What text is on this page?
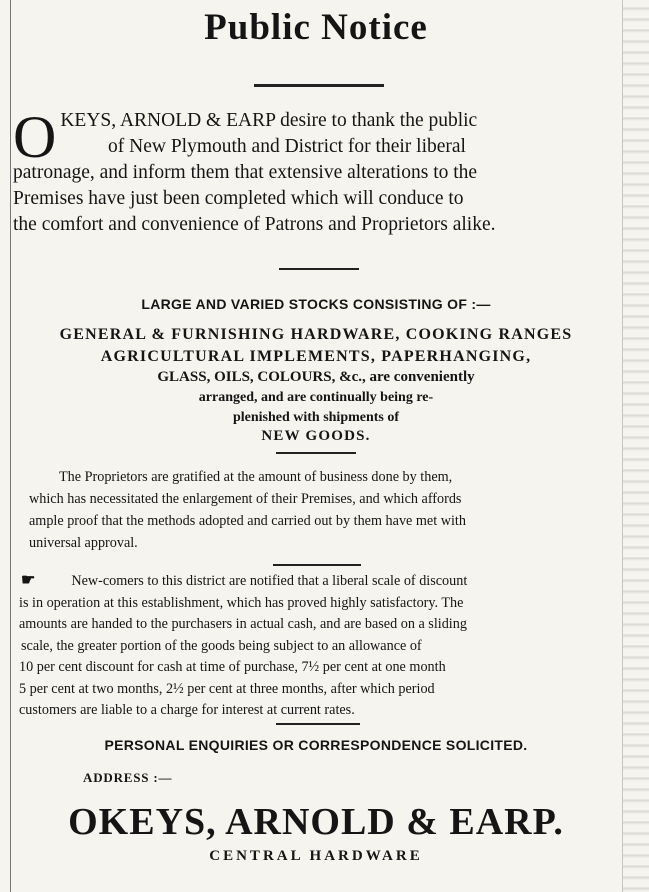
Public Notice
O KEYS, ARNOLD & EARP desire to thank the public
of New Plymouth and District for their liberal
patronage, and inform them that extensive alterations to the
Premises have just been completed which will conduce to
the comfort and convenience of Patrons and Proprietors alike.
LARGE AND VARIED STOCKS CONSISTING OF :—
GENERAL & FURNISHING HARDWARE, COOKING RANGES
AGRICULTURAL IMPLEMENTS, PAPERHANGING,
GLASS, OILS, COLOURS, &c., are conveniently
arranged, and are continually being re-
plenished with shipments of
NEW GOODS.

The Proprietors are gratified at the amount of business done by them,

which has necessitated the enlargement of their Premises, and which affords

ample proof that the methods adopted and carried out by them have met with

universal approval.

☛	New-comers to this district are notified that a liberal scale of discount

is in operation at this establishment, which has proved highly satisfactory. The

amounts are handed to the purchasers in actual cash, and are based on a sliding

scale, the greater portion of the goods being subject to an allowance of

10 per cent discount for cash at time of purchase, 7½ per cent at one month

5 per cent at two months, 2½ per cent at three months, after which period

customers are liable to a charge for interest at current rates.

PERSONAL ENQUIRIES OR CORRESPONDENCE SOLICITED.
ADDRESS :—
OKEYS, ARNOLD & EARP.
CENTRAL HARDWARE
